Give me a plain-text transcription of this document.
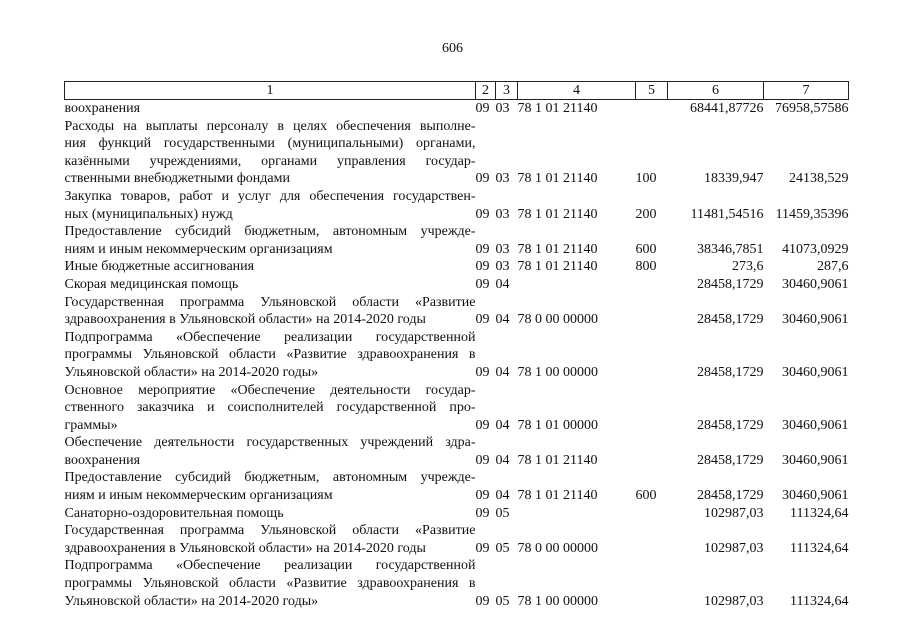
606
1	2	3	4	5	6	7

воохранения	09	03	78 1 01 21140		68441,87726	76958,57586

Расходы на выплаты персоналу в целях обеспечения выполне-
ния функций государственными (муниципальными) органами,
казёнными учреждениями, органами управления государ-
ственными внебюджетными фондами	09	03	78 1 01 21140	100	18339,947	24138,529

Закупка товаров, работ и услуг для обеспечения государствен-
ных (муниципальных) нужд	09	03	78 1 01 21140	200	11481,54516	11459,35396

Предоставление субсидий бюджетным, автономным учрежде-
ниям и иным некоммерческим организациям	09	03	78 1 01 21140	600	38346,7851	41073,0929

Иные бюджетные ассигнования	09	03	78 1 01 21140	800	273,6	287,6

Скорая медицинская помощь	09	04			28458,1729	30460,9061

Государственная программа Ульяновской области «Развитие
здравоохранения в Ульяновской области» на 2014-2020 годы	09	04	78 0 00 00000		28458,1729	30460,9061

Подпрограмма «Обеспечение реализации государственной
программы Ульяновской области «Развитие здравоохранения в
Ульяновской области» на 2014-2020 годы»	09	04	78 1 00 00000		28458,1729	30460,9061

Основное мероприятие «Обеспечение деятельности государ-
ственного заказчика и соисполнителей государственной про-
граммы»	09	04	78 1 01 00000		28458,1729	30460,9061

Обеспечение деятельности государственных учреждений здра-
воохранения	09	04	78 1 01 21140		28458,1729	30460,9061

Предоставление субсидий бюджетным, автономным учрежде-
ниям и иным некоммерческим организациям	09	04	78 1 01 21140	600	28458,1729	30460,9061

Санаторно-оздоровительная помощь	09	05			102987,03	111324,64

Государственная программа Ульяновской области «Развитие
здравоохранения в Ульяновской области» на 2014-2020 годы	09	05	78 0 00 00000		102987,03	111324,64

Подпрограмма «Обеспечение реализации государственной
программы Ульяновской области «Развитие здравоохранения в
Ульяновской области» на 2014-2020 годы»	09	05	78 1 00 00000		102987,03	111324,64
